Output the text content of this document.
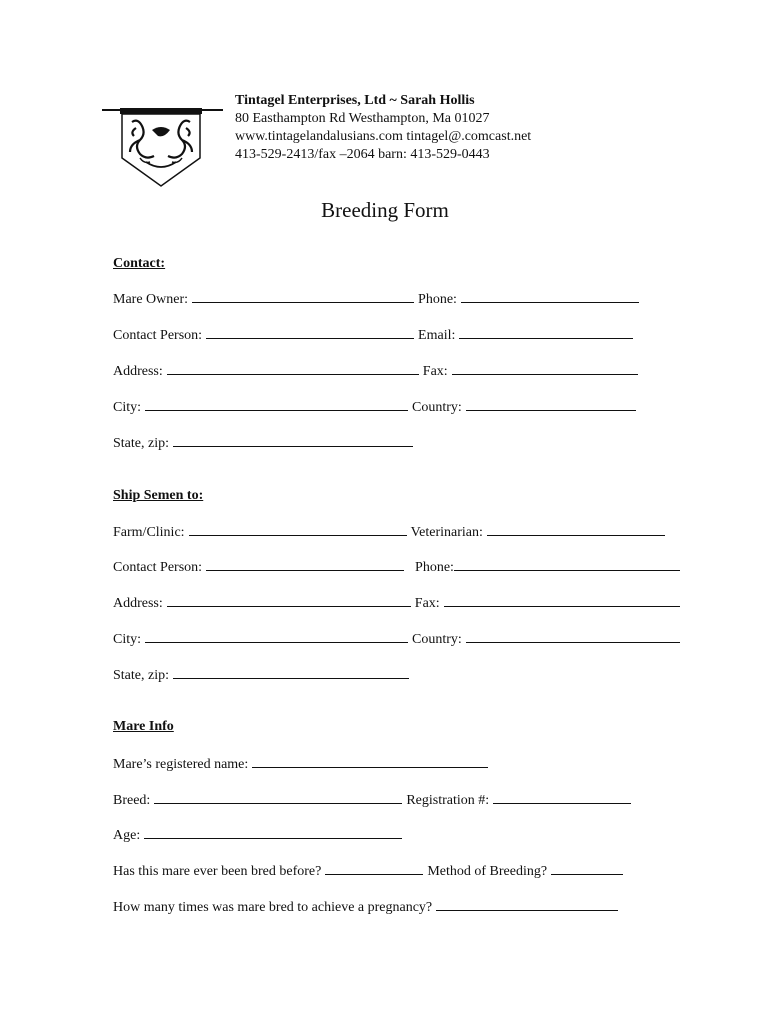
Tintagel Enterprises, Ltd ~ Sarah Hollis
80 Easthampton Rd Westhampton, Ma 01027
www.tintagelandalusians.com tintagel@.comcast.net
413-529-2413/fax –2064 barn: 413-529-0443
Breeding Form
Contact:
Mare Owner:	Phone:
Contact Person:	Email:
Address:	Fax:
City:	Country:
State, zip:
Ship Semen to:
Farm/Clinic:	Veterinarian:
Contact Person:	Phone:
Address:	Fax:
City:	Country:
State, zip:
Mare Info
Mare’s registered name:
Breed:	Registration #:
Age:
Has this mare ever been bred before?	Method of Breeding?
How many times was mare bred to achieve a pregnancy?
